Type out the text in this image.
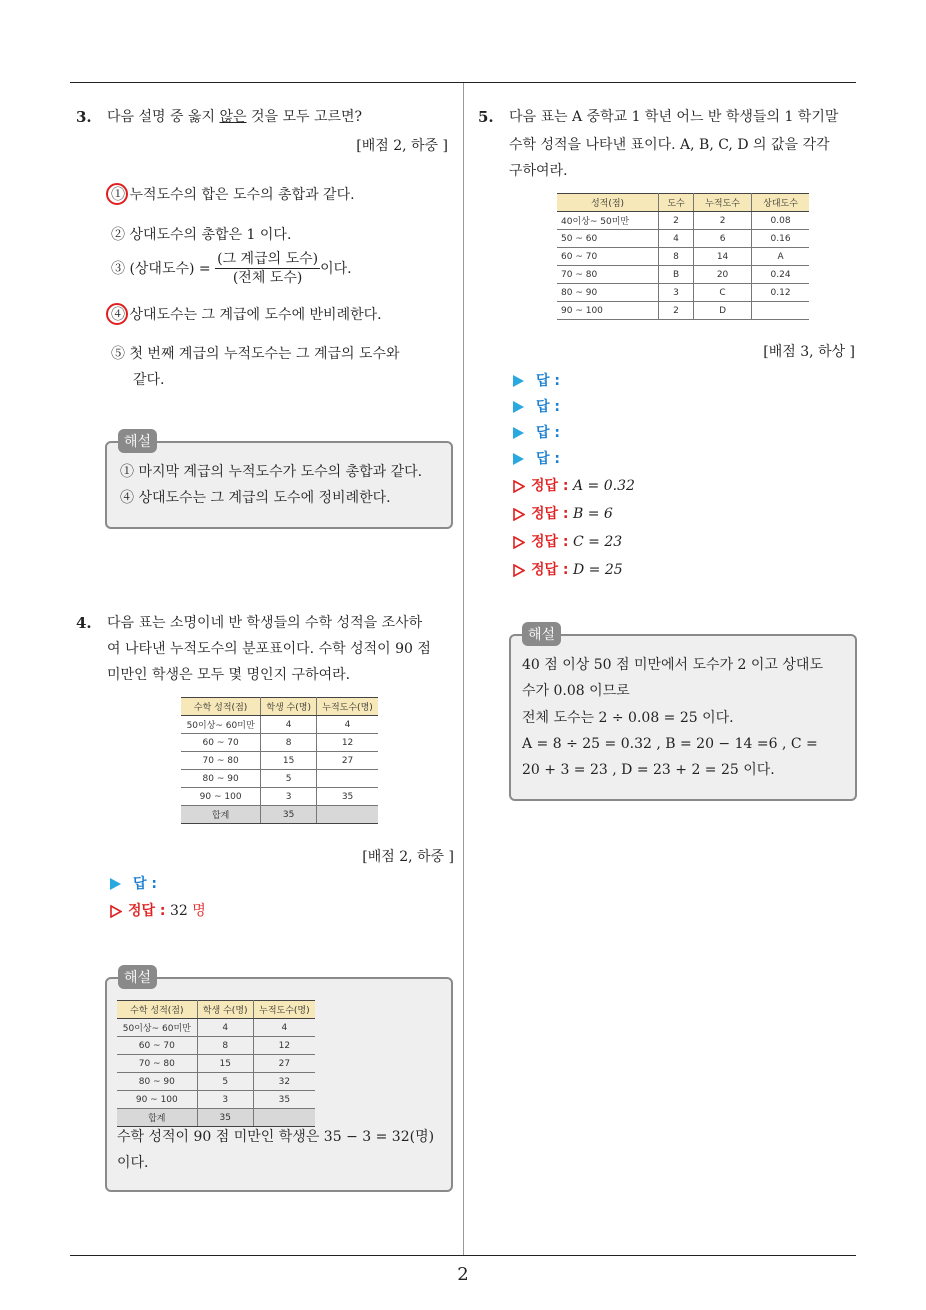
3. 다음 설명 중 옳지 않은 것을 모두 고르면?
[배점 2, 하중 ]
① 누적도수의 합은 도수의 총합과 같다.
② 상대도수의 총합은 1 이다.
③ (상대도수) = $\frac{\text{(그 계급의 도수)}}{\text{(전체 도수)}}$ 이다.
④ 상대도수는 그 계급에 도수에 반비례한다.
⑤ 첫 번째 계급의 누적도수는 그 계급의 도수와
같다.
해설
① 마지막 계급의 누적도수가 도수의 총합과 같다.
④ 상대도수는 그 계급의 도수에 정비례한다.
4. 다음 표는 소명이네 반 학생들의 수학 성적을 조사하
여 나타낸 누적도수의 분포표이다. 수학 성적이 90 점
미만인 학생은 모두 몇 명인지 구하여라.
수학 성적(점)	학생 수(명)	누적도수(명)
50이상~ 60미만	4	4
60 ~ 70	8	12
70 ~ 80	15	27
80 ~ 90	5	
90 ~ 100	3	35
합계	35	
[배점 2, 하중 ]
답 :
정답 : 32 명
해설
수학 성적(점)	학생 수(명)	누적도수(명)
50이상~ 60미만	4	4
60 ~ 70	8	12
70 ~ 80	15	27
80 ~ 90	5	32
90 ~ 100	3	35
합계	35	
수학 성적이 90 점 미만인 학생은 35 − 3 = 32(명)
이다.
5. 다음 표는 A 중학교 1 학년 어느 반 학생들의 1 학기말
수학 성적을 나타낸 표이다. A, B, C, D 의 값을 각각
구하여라.
성적(점)	도수	누적도수	상대도수
40이상~ 50미만	2	2	0.08
50 ~ 60	4	6	0.16
60 ~ 70	8	14	A
70 ~ 80	B	20	0.24
80 ~ 90	3	C	0.12
90 ~ 100	2	D	
[배점 3, 하상 ]
답 :
답 :
답 :
답 :
정답 : A = 0.32
정답 : B = 6
정답 : C = 23
정답 : D = 25
해설
40 점 이상 50 점 미만에서 도수가 2 이고 상대도
수가 0.08 이므로
전체 도수는 2 ÷ 0.08 = 25 이다.
A = 8 ÷ 25 = 0.32 , B = 20 − 14 =6 , C =
20 + 3 = 23 , D = 23 + 2 = 25 이다.
2
